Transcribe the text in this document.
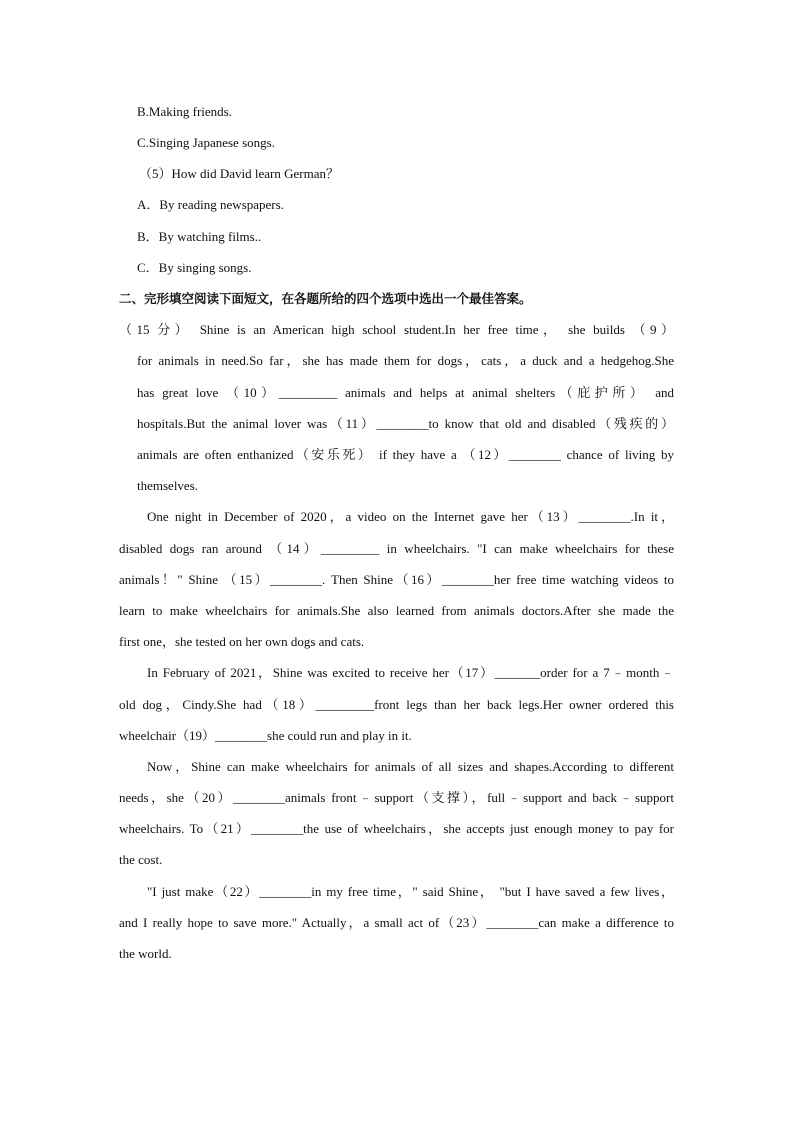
B.Making friends.
C.Singing Japanese songs.
（5）How did David learn German？
A．By reading newspapers.
B．By watching films..
C．By singing songs.
二、完形填空阅读下面短文，在各题所给的四个选项中选出一个最佳答案。
（15 分） Shine is an American high school student.In her free time， she builds （9）
for animals in need.So far，she has made them for dogs，cats，a duck and a hedgehog.She
has great love （10）_________ animals and helps at animal shelters（庇护所） and
hospitals.But the animal lover was（11）________to know that old and disabled（残疾的）
animals are often enthanized（安乐死） if they have a （12）________ chance of living by
themselves.
One night in December of 2020，a video on the Internet gave her（13）________.In it，
disabled dogs ran around （14）_________ in wheelchairs. "I can make wheelchairs for these
animals！" Shine （15）________. Then Shine（16）________her free time watching videos to
learn to make wheelchairs for animals.She also learned from animals doctors.After she made the
first one，she tested on her own dogs and cats.
In February of 2021，Shine was excited to receive her（17）_______order for a 7﹣month﹣
old dog，Cindy.She had（18）_________front legs than her back legs.Her owner ordered this
wheelchair（19）________she could run and play in it.
Now，Shine can make wheelchairs for animals of all sizes and shapes.According to different
needs，she（20）________animals front﹣support（支撑），full﹣support and back﹣support
wheelchairs. To（21）________the use of wheelchairs，she accepts just enough money to pay for
the cost.
"I just make（22）________in my free time，" said Shine， "but I have saved a few lives，
and I really hope to save more." Actually，a small act of（23）________can make a difference to
the world.
